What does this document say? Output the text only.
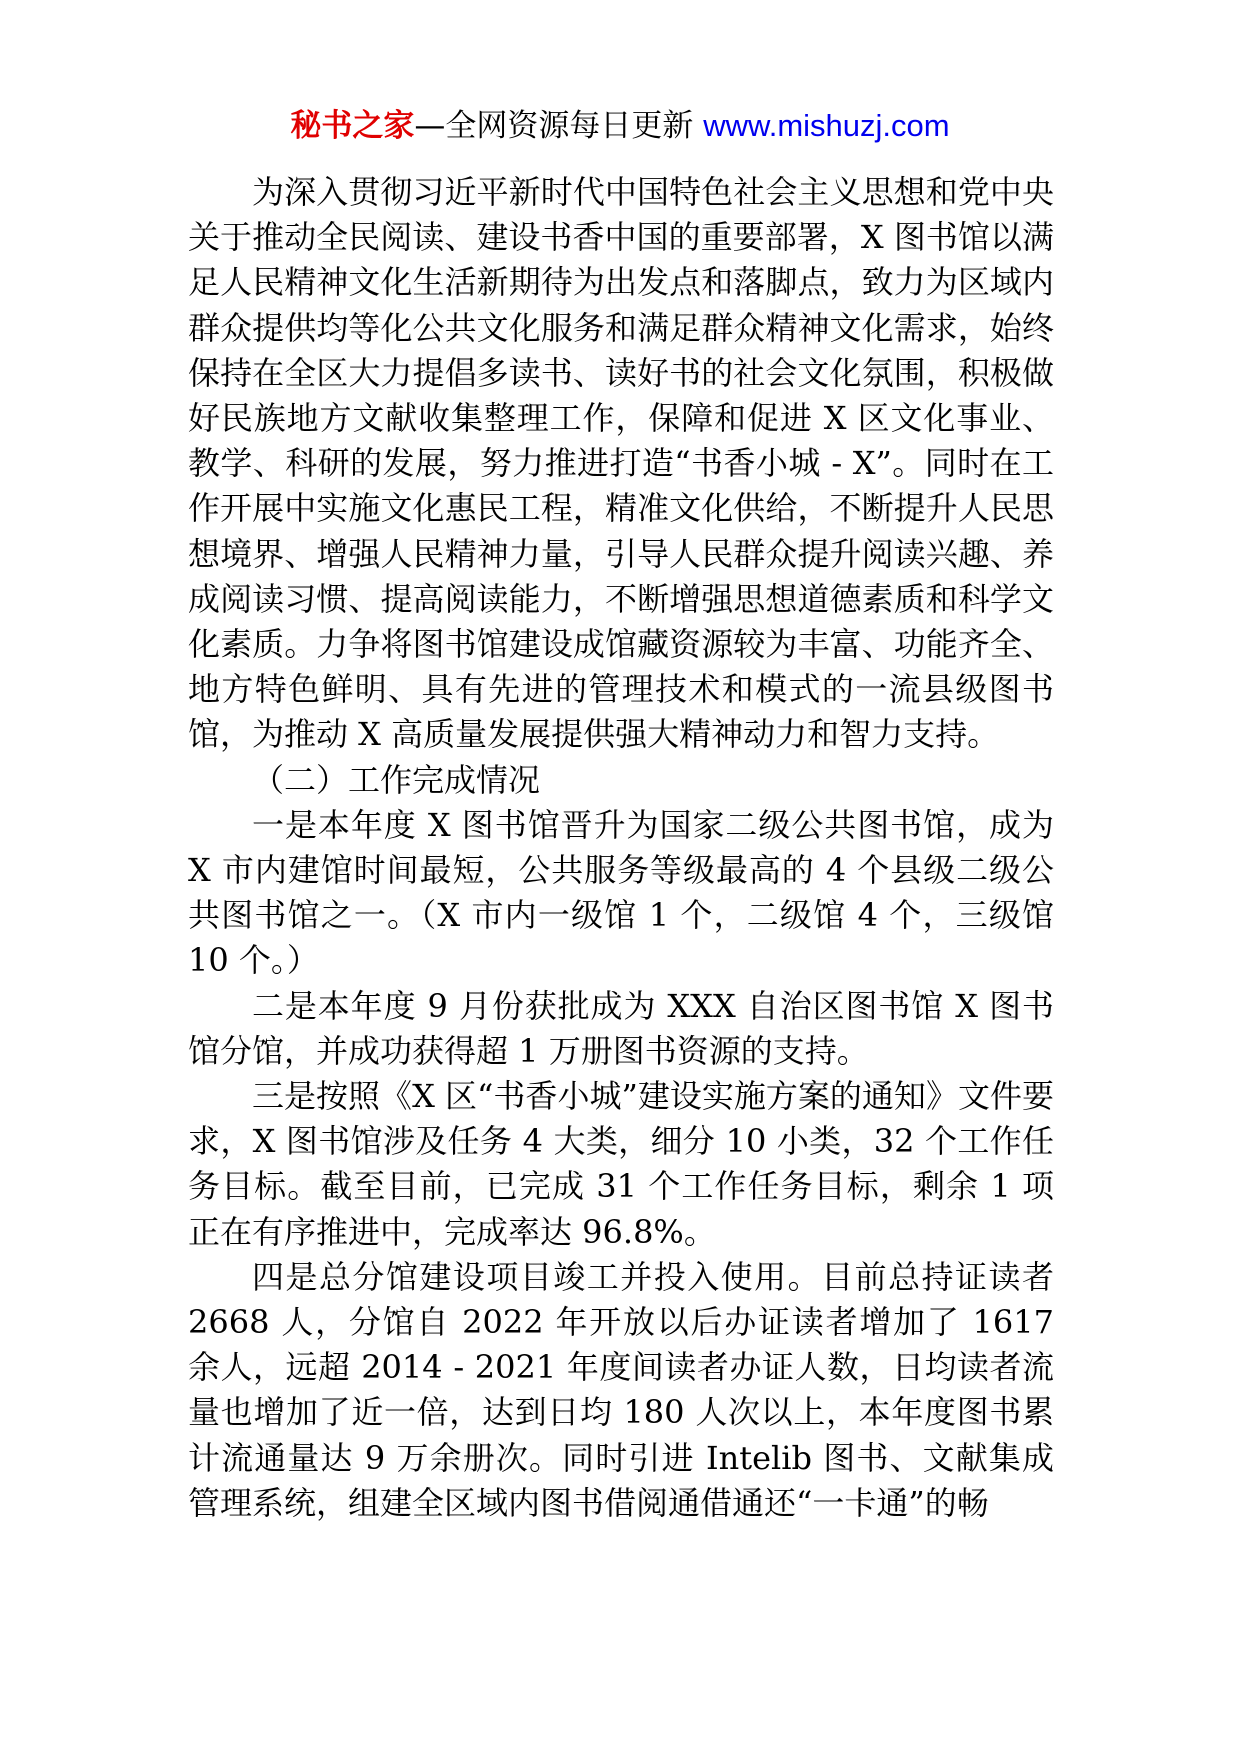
秘书之家—全网资源每日更新 www.mishuzj.com

为深入贯彻习近平新时代中国特色社会主义思想和党中央关于推动全民阅读、建设书香中国的重要部署，X 图书馆以满足人民精神文化生活新期待为出发点和落脚点，致力为区域内群众提供均等化公共文化服务和满足群众精神文化需求，始终保持在全区大力提倡多读书、读好书的社会文化氛围，积极做好民族地方文献收集整理工作，保障和促进 X 区文化事业、教学、科研的发展，努力推进打造“书香小城 - X”。同时在工作开展中实施文化惠民工程，精准文化供给，不断提升人民思想境界、增强人民精神力量，引导人民群众提升阅读兴趣、养成阅读习惯、提高阅读能力，不断增强思想道德素质和科学文化素质。力争将图书馆建设成馆藏资源较为丰富、功能齐全、地方特色鲜明、具有先进的管理技术和模式的一流县级图书馆，为推动 X 高质量发展提供强大精神动力和智力支持。

（二）工作完成情况

一是本年度 X 图书馆晋升为国家二级公共图书馆，成为 X 市内建馆时间最短，公共服务等级最高的 4 个县级二级公共图书馆之一。（X 市内一级馆 1 个，二级馆 4 个，三级馆 10 个。）

二是本年度 9 月份获批成为 XXX 自治区图书馆 X 图书馆分馆，并成功获得超 1 万册图书资源的支持。

三是按照《X 区“书香小城”建设实施方案的通知》文件要求，X 图书馆涉及任务 4 大类，细分 10 小类，32 个工作任务目标。截至目前，已完成 31 个工作任务目标，剩余 1 项正在有序推进中，完成率达 96.8%。

四是总分馆建设项目竣工并投入使用。目前总持证读者 2668 人，分馆自 2022 年开放以后办证读者增加了 1617 余人，远超 2014 - 2021 年度间读者办证人数，日均读者流量也增加了近一倍，达到日均 180 人次以上，本年度图书累计流通量达 9 万余册次。同时引进 Intelib 图书、文献集成管理系统，组建全区域内图书借阅通借通还“一卡通”的畅
